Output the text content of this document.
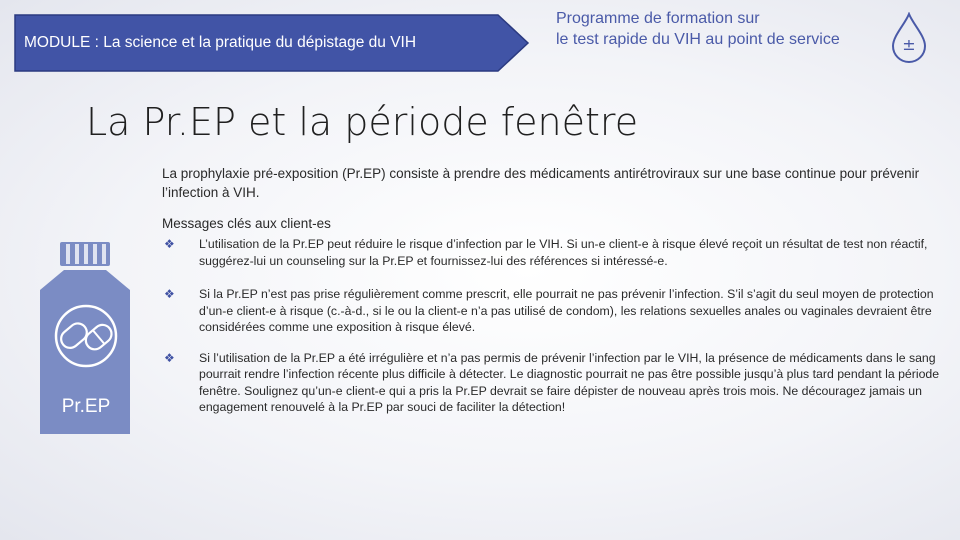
MODULE : La science et la pratique du dépistage du VIH
Programme de formation sur
le test rapide du VIH au point de service	±
La Pr.EP et la période fenêtre
La prophylaxie pré-exposition (Pr.EP) consiste à prendre des médicaments antirétroviraux sur une base continue pour prévenir l’infection à VIH.
Messages clés aux client-es
Pr.EP
❖ L’utilisation de la Pr.EP peut réduire le risque d’infection par le VIH. Si un-e client-e à risque élevé reçoit un résultat de test non réactif, suggérez-lui un counseling sur la Pr.EP et fournissez-lui des références si intéressé-e.
❖ Si la Pr.EP n’est pas prise régulièrement comme prescrit, elle pourrait ne pas prévenir l’infection. S’il s’agit du seul moyen de protection d’un-e client-e à risque (c.-à-d., si le ou la client-e n’a pas utilisé de condom), les relations sexuelles anales ou vaginales devraient être considérées comme une exposition à risque élevé.
❖ Si l’utilisation de la Pr.EP a été irrégulière et n’a pas permis de prévenir l’infection par le VIH, la présence de médicaments dans le sang pourrait rendre l’infection récente plus difficile à détecter. Le diagnostic pourrait ne pas être possible jusqu’à plus tard pendant la période fenêtre. Soulignez qu’un-e client-e qui a pris la Pr.EP devrait se faire dépister de nouveau après trois mois. Ne découragez jamais un engagement renouvelé à la Pr.EP par souci de faciliter la détection!
